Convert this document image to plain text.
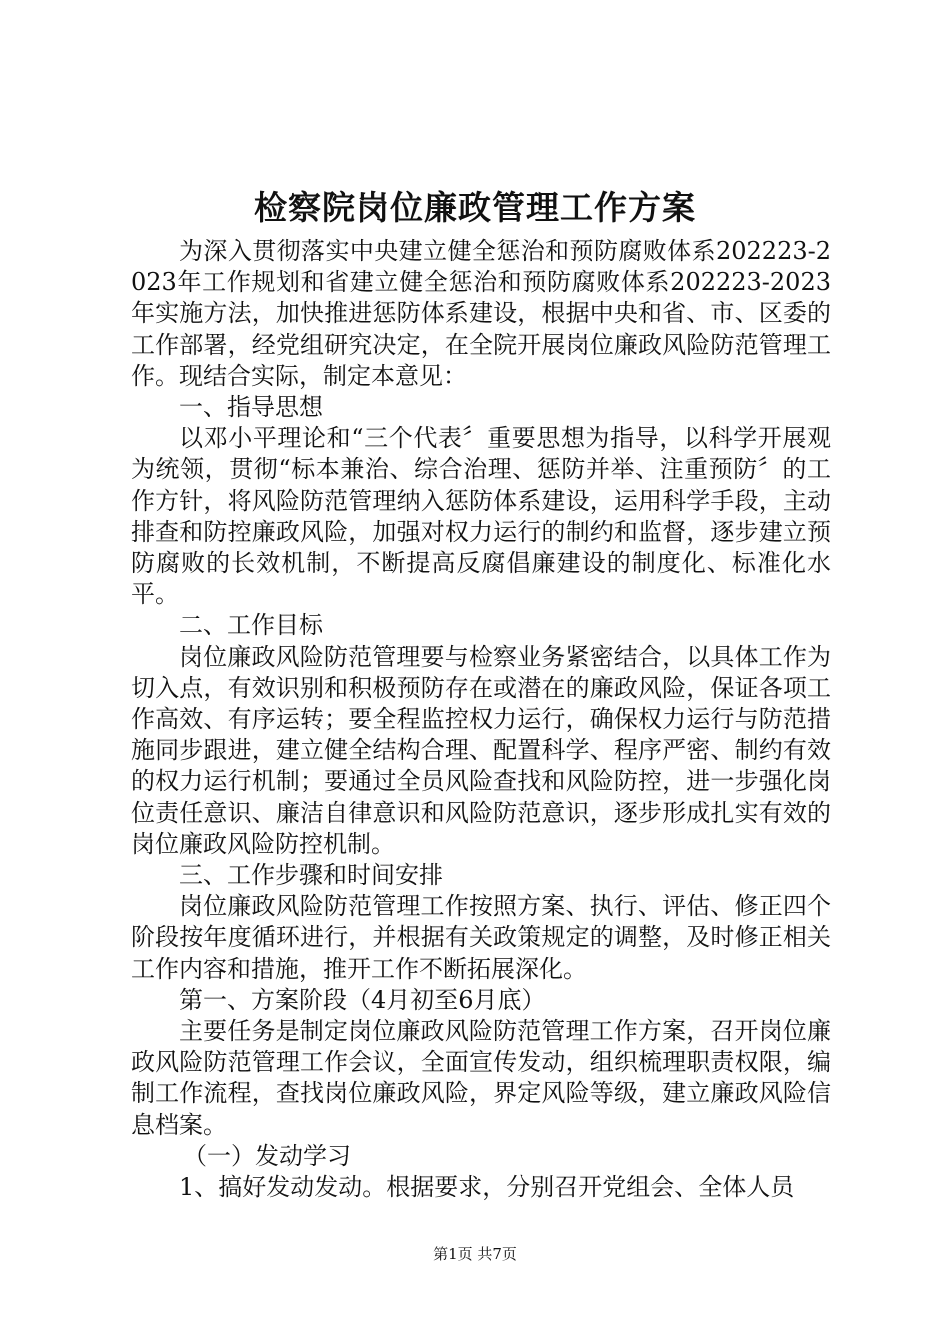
检察院岗位廉政管理工作方案

为深入贯彻落实中央建立健全惩治和预防腐败体系202223-2023年工作规划和省建立健全惩治和预防腐败体系202223-2023年实施方法，加快推进惩防体系建设，根据中央和省、市、区委的工作部署，经党组研究决定，在全院开展岗位廉政风险防范管理工作。现结合实际，制定本意见：

一、指导思想

以邓小平理论和“三个代表〞重要思想为指导，以科学开展观为统领，贯彻“标本兼治、综合治理、惩防并举、注重预防〞的工作方针，将风险防范管理纳入惩防体系建设，运用科学手段，主动排查和防控廉政风险，加强对权力运行的制约和监督，逐步建立预防腐败的长效机制，不断提高反腐倡廉建设的制度化、标准化水平。

二、工作目标

岗位廉政风险防范管理要与检察业务紧密结合，以具体工作为切入点，有效识别和积极预防存在或潜在的廉政风险，保证各项工作高效、有序运转；要全程监控权力运行，确保权力运行与防范措施同步跟进，建立健全结构合理、配置科学、程序严密、制约有效的权力运行机制；要通过全员风险查找和风险防控，进一步强化岗位责任意识、廉洁自律意识和风险防范意识，逐步形成扎实有效的岗位廉政风险防控机制。

三、工作步骤和时间安排

岗位廉政风险防范管理工作按照方案、执行、评估、修正四个阶段按年度循环进行，并根据有关政策规定的调整，及时修正相关工作内容和措施，推开工作不断拓展深化。

第一、方案阶段（4月初至6月底）

主要任务是制定岗位廉政风险防范管理工作方案，召开岗位廉政风险防范管理工作会议，全面宣传发动，组织梳理职责权限，编制工作流程，查找岗位廉政风险，界定风险等级，建立廉政风险信息档案。

（一）发动学习

1、搞好发动发动。根据要求，分别召开党组会、全体人员

第1页 共7页
